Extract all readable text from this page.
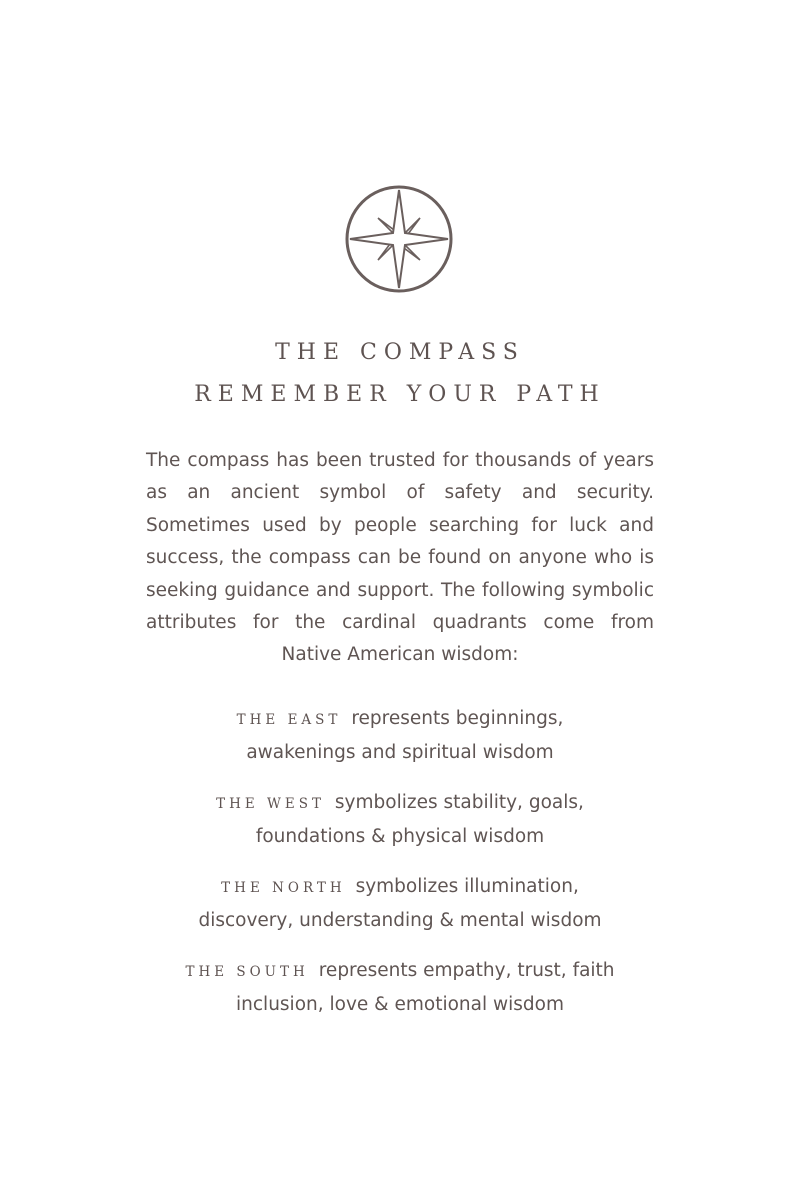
THE COMPASS
REMEMBER YOUR PATH
The compass has been trusted for thousands of years as an ancient symbol of safety and security. Sometimes used by people searching for luck and success, the compass can be found on anyone who is seeking guidance and support. The following symbolic attributes for the cardinal quadrants come from Native American wisdom:
THE EAST represents beginnings,
awakenings and spiritual wisdom
THE WEST symbolizes stability, goals,
foundations & physical wisdom
THE NORTH symbolizes illumination,
discovery, understanding & mental wisdom
THE SOUTH represents empathy, trust, faith
inclusion, love & emotional wisdom
